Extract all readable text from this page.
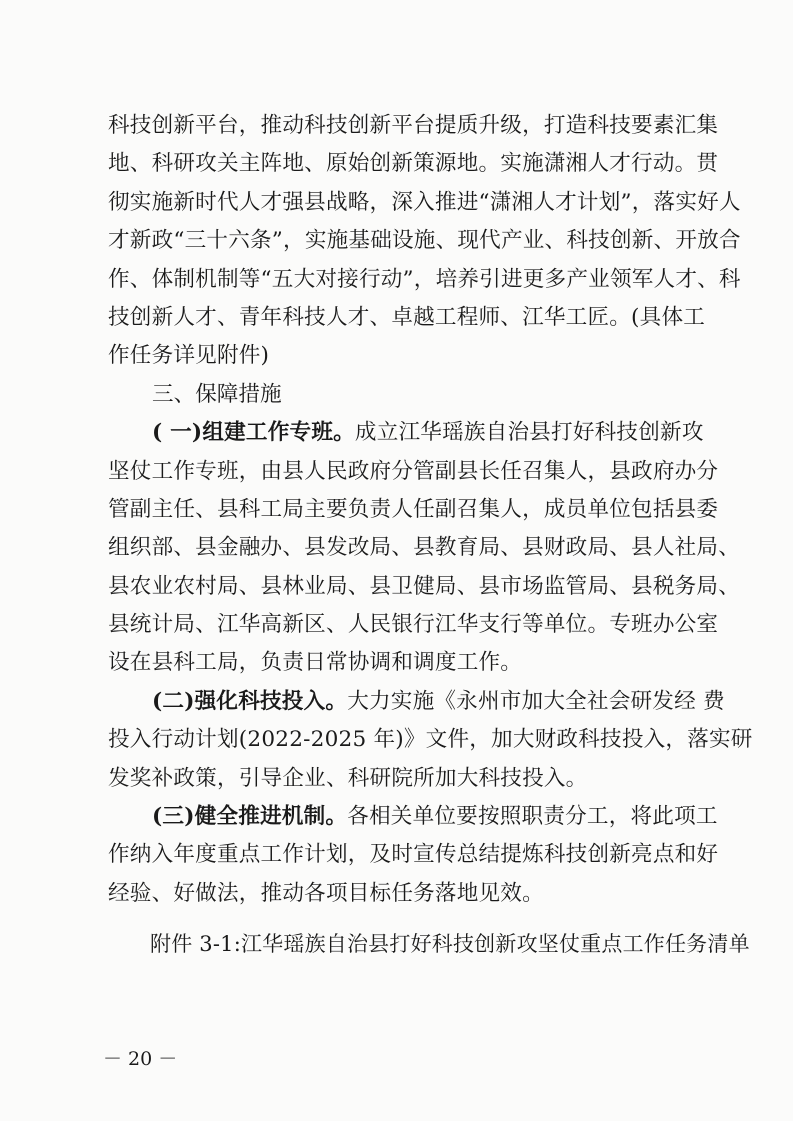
科技创新平台，推动科技创新平台提质升级，打造科技要素汇集
地、科研攻关主阵地、原始创新策源地。实施潇湘人才行动。贯
彻实施新时代人才强县战略，深入推进“潇湘人才计划”，落实好人
才新政“三十六条”，实施基础设施、现代产业、科技创新、开放合
作、体制机制等“五大对接行动”，培养引进更多产业领军人才、科
技创新人才、青年科技人才、卓越工程师、江华工匠。(具体工
作任务详见附件)
三、保障措施
( 一)组建工作专班。成立江华瑶族自治县打好科技创新攻
坚仗工作专班，由县人民政府分管副县长任召集人，县政府办分
管副主任、县科工局主要负责人任副召集人，成员单位包括县委
组织部、县金融办、县发改局、县教育局、县财政局、县人社局、
县农业农村局、县林业局、县卫健局、县市场监管局、县税务局、
县统计局、江华高新区、人民银行江华支行等单位。专班办公室
设在县科工局，负责日常协调和调度工作。
(二)强化科技投入。大力实施《永州市加大全社会研发经 费
投入行动计划(2022-2025 年)》文件，加大财政科技投入，落实研
发奖补政策，引导企业、科研院所加大科技投入。
(三)健全推进机制。各相关单位要按照职责分工，将此项工
作纳入年度重点工作计划，及时宣传总结提炼科技创新亮点和好
经验、好做法，推动各项目标任务落地见效。
附件 3-1:江华瑶族自治县打好科技创新攻坚仗重点工作任务清单
－ 20 －
